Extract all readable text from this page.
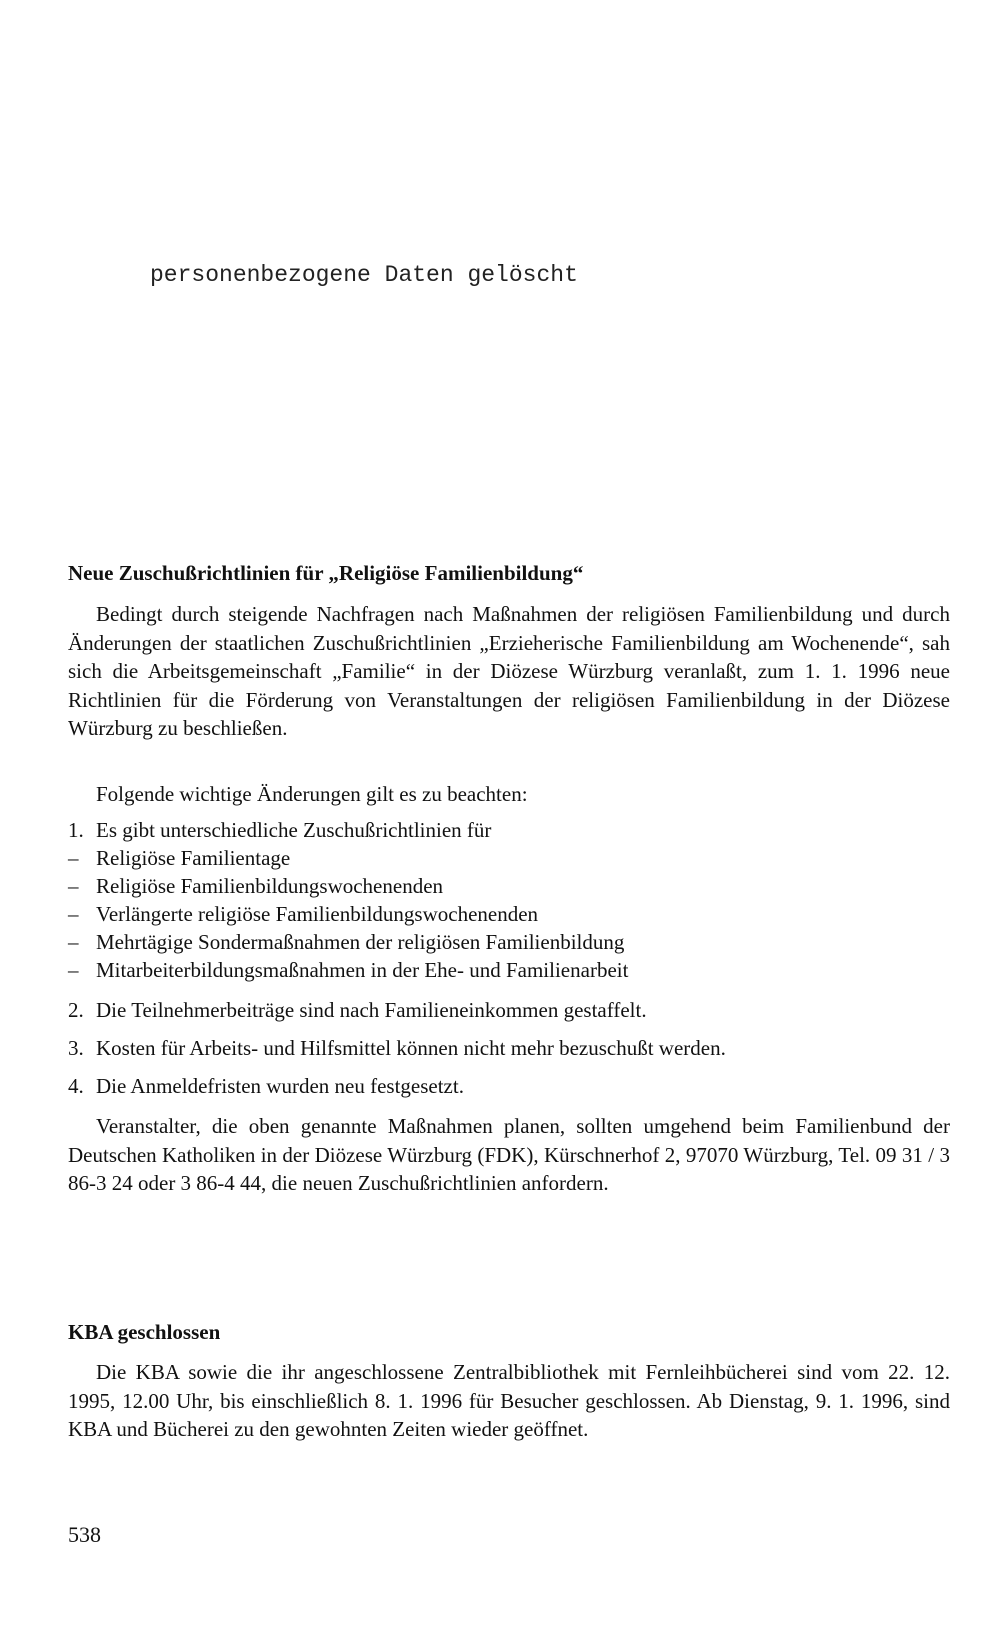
personenbezogene Daten gelöscht
Neue Zuschußrichtlinien für „Religiöse Familienbildung“

Bedingt durch steigende Nachfragen nach Maßnahmen der religiösen Familienbildung und durch Änderungen der staatlichen Zuschußrichtlinien „Erzieherische Familienbildung am Wochenende“, sah sich die Arbeitsgemeinschaft „Familie“ in der Diözese Würzburg veranlaßt, zum 1. 1. 1996 neue Richtlinien für die Förderung von Veranstaltungen der religiösen Familienbildung in der Diözese Würzburg zu beschließen.

Folgende wichtige Änderungen gilt es zu beachten:
1. Es gibt unterschiedliche Zuschußrichtlinien für
– Religiöse Familientage
– Religiöse Familienbildungswochenenden
– Verlängerte religiöse Familienbildungswochenenden
– Mehrtägige Sondermaßnahmen der religiösen Familienbildung
– Mitarbeiterbildungsmaßnahmen in der Ehe- und Familienarbeit
2. Die Teilnehmerbeiträge sind nach Familieneinkommen gestaffelt.
3. Kosten für Arbeits- und Hilfsmittel können nicht mehr bezuschußt werden.
4. Die Anmeldefristen wurden neu festgesetzt.

Veranstalter, die oben genannte Maßnahmen planen, sollten umgehend beim Familienbund der Deutschen Katholiken in der Diözese Würzburg (FDK), Kürschnerhof 2, 97070 Würzburg, Tel. 09 31 / 3 86-3 24 oder 3 86-4 44, die neuen Zuschußrichtlinien anfordern.

KBA geschlossen

Die KBA sowie die ihr angeschlossene Zentralbibliothek mit Fernleihbücherei sind vom 22. 12. 1995, 12.00 Uhr, bis einschließlich 8. 1. 1996 für Besucher geschlossen. Ab Dienstag, 9. 1. 1996, sind KBA und Bücherei zu den gewohnten Zeiten wieder geöffnet.

538
